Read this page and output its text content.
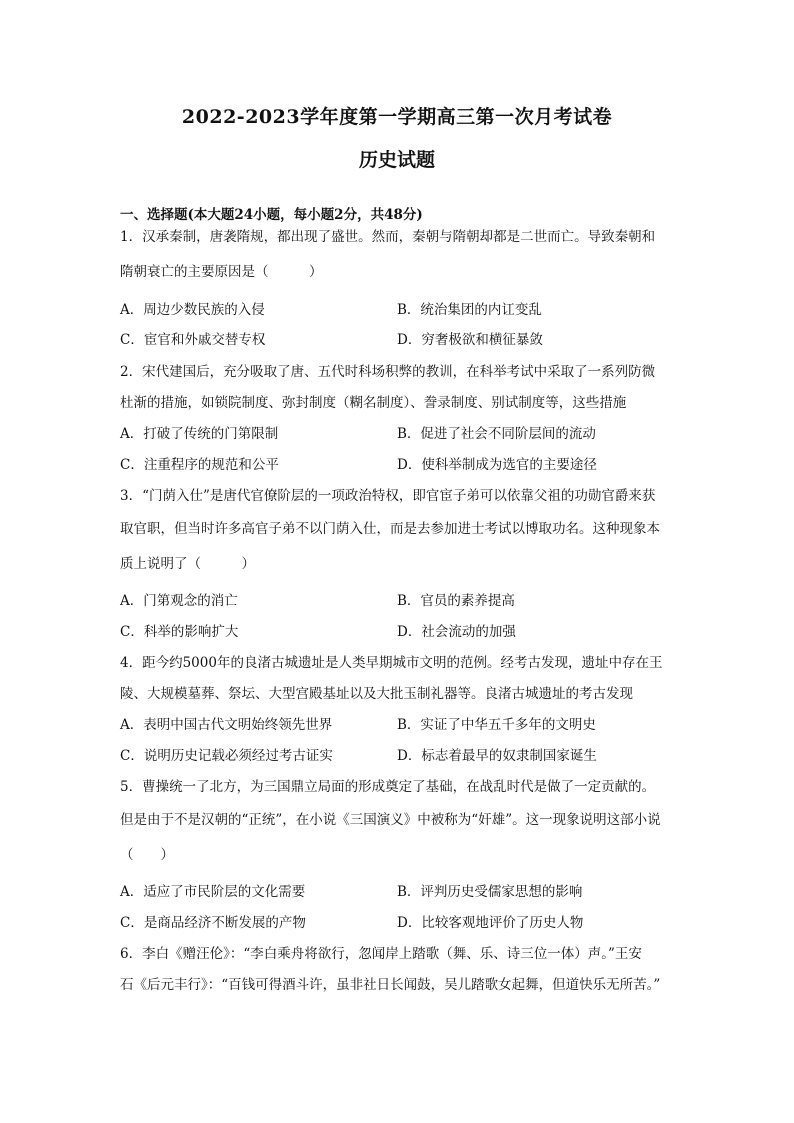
2022-2023学年度第一学期高三第一次月考试卷
历史试题
一、选择题(本大题24小题，每小题2分，共48分)
1．汉承秦制，唐袭隋规，都出现了盛世。然而，秦朝与隋朝却都是二世而亡。导致秦朝和
隋朝衰亡的主要原因是（　　　）
A．周边少数民族的入侵	B．统治集团的内讧变乱
C．宦官和外戚交替专权	D．穷奢极欲和横征暴敛
2．宋代建国后，充分吸取了唐、五代时科场积弊的教训，在科举考试中采取了一系列防微
杜渐的措施，如锁院制度、弥封制度（糊名制度）、誊录制度、别试制度等，这些措施
A．打破了传统的门第限制	B．促进了社会不同阶层间的流动
C．注重程序的规范和公平	D．使科举制成为选官的主要途径
3．“门荫入仕”是唐代官僚阶层的一项政治特权，即官宦子弟可以依靠父祖的功勋官爵来获
取官职，但当时许多高官子弟不以门荫入仕，而是去参加进士考试以博取功名。这种现象本
质上说明了（　　　）
A．门第观念的消亡	B．官员的素养提高
C．科举的影响扩大	D．社会流动的加强
4．距今约5000年的良渚古城遗址是人类早期城市文明的范例。经考古发现，遗址中存在王
陵、大规模墓葬、祭坛、大型宫殿基址以及大批玉制礼器等。良渚古城遗址的考古发现
A．表明中国古代文明始终领先世界	B．实证了中华五千多年的文明史
C．说明历史记载必须经过考古证实	D．标志着最早的奴隶制国家诞生
5．曹操统一了北方，为三国鼎立局面的形成奠定了基础，在战乱时代是做了一定贡献的。
但是由于不是汉朝的“正统”，在小说《三国演义》中被称为“奸雄”。这一现象说明这部小说
（　　）
A．适应了市民阶层的文化需要	B．评判历史受儒家思想的影响
C．是商品经济不断发展的产物	D．比较客观地评价了历史人物
6．李白《赠汪伦》：“李白乘舟将欲行，忽闻岸上踏歌（舞、乐、诗三位一体）声。”王安
石《后元丰行》：“百钱可得酒斗许，虽非社日长闻鼓，吴儿踏歌女起舞，但道快乐无所苦。”
